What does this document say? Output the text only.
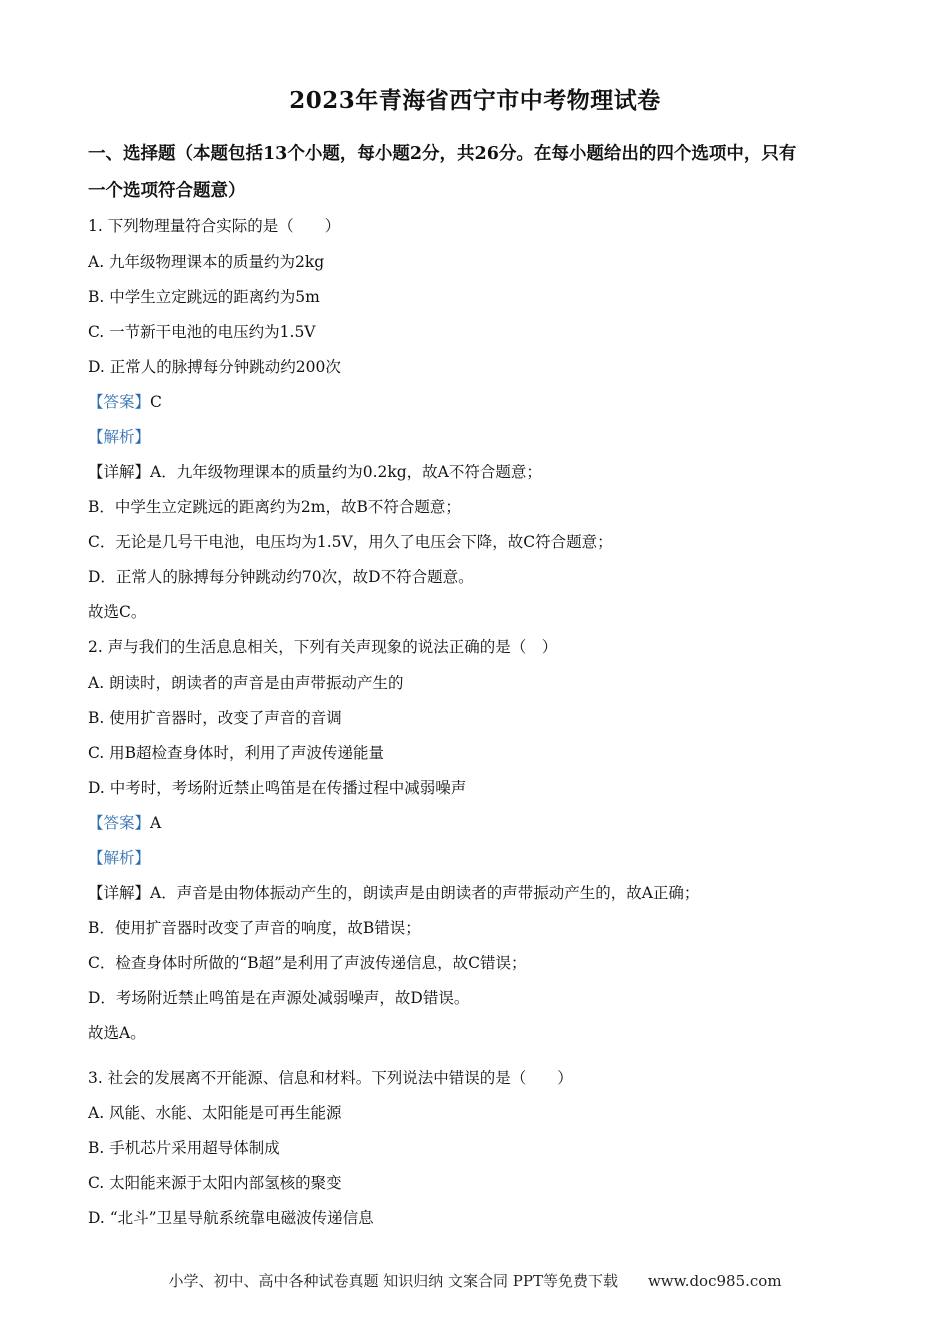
2023年青海省西宁市中考物理试卷
一、选择题（本题包括13个小题，每小题2分，共26分。在每小题给出的四个选项中，只有
一个选项符合题意）
1. 下列物理量符合实际的是（　　）
A. 九年级物理课本的质量约为2kg
B. 中学生立定跳远的距离约为5m
C. 一节新干电池的电压约为1.5V
D. 正常人的脉搏每分钟跳动约200次
【答案】C
【解析】
【详解】A．九年级物理课本的质量约为0.2kg，故A不符合题意；
B．中学生立定跳远的距离约为2m，故B不符合题意；
C．无论是几号干电池，电压均为1.5V，用久了电压会下降，故C符合题意；
D．正常人的脉搏每分钟跳动约70次，故D不符合题意。
故选C。
2. 声与我们的生活息息相关，下列有关声现象的说法正确的是（　）
A. 朗读时，朗读者的声音是由声带振动产生的
B. 使用扩音器时，改变了声音的音调
C. 用B超检查身体时，利用了声波传递能量
D. 中考时，考场附近禁止鸣笛是在传播过程中减弱噪声
【答案】A
【解析】
【详解】A．声音是由物体振动产生的，朗读声是由朗读者的声带振动产生的，故A正确；
B．使用扩音器时改变了声音的响度，故B错误；
C．检查身体时所做的“B超”是利用了声波传递信息，故C错误；
D．考场附近禁止鸣笛是在声源处减弱噪声，故D错误。
故选A。
3. 社会的发展离不开能源、信息和材料。下列说法中错误的是（　　）
A. 风能、水能、太阳能是可再生能源
B. 手机芯片采用超导体制成
C. 太阳能来源于太阳内部氢核的聚变
D. “北斗”卫星导航系统靠电磁波传递信息
小学、初中、高中各种试卷真题 知识归纳 文案合同 PPT等免费下载　　www.doc985.com
